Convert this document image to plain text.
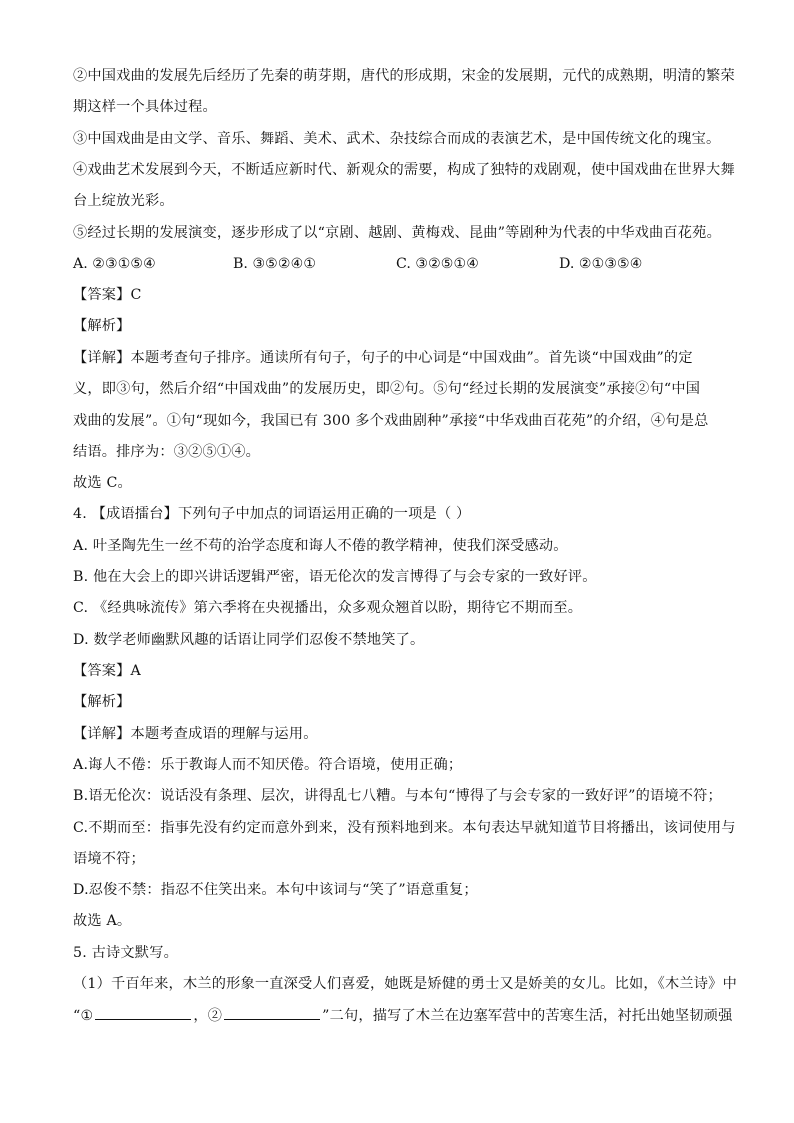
②中国戏曲的发展先后经历了先秦的萌芽期，唐代的形成期，宋金的发展期，元代的成熟期，明清的繁荣
期这样一个具体过程。
③中国戏曲是由文学、音乐、舞蹈、美术、武术、杂技综合而成的表演艺术，是中国传统文化的瑰宝。
④戏曲艺术发展到今天，不断适应新时代、新观众的需要，构成了独特的戏剧观，使中国戏曲在世界大舞
台上绽放光彩。
⑤经过长期的发展演变，逐步形成了以“京剧、越剧、黄梅戏、昆曲”等剧种为代表的中华戏曲百花苑。
A. ②③①⑤④	B. ③⑤②④①	C. ③②⑤①④	D. ②①③⑤④
【答案】C
【解析】
【详解】本题考查句子排序。通读所有句子，句子的中心词是“中国戏曲”。首先谈“中国戏曲”的定
义，即③句，然后介绍“中国戏曲”的发展历史，即②句。⑤句“经过长期的发展演变”承接②句“中国
戏曲的发展”。①句“现如今，我国已有 300 多个戏曲剧种”承接“中华戏曲百花苑”的介绍，④句是总
结语。排序为：③②⑤①④。
故选 C。
4. 【成语擂台】下列句子中加点的词语运用正确的一项是（ ）
A. 叶圣陶先生一丝不苟的治学态度和诲人不倦的教学精神，使我们深受感动。
B. 他在大会上的即兴讲话逻辑严密，语无伦次的发言博得了与会专家的一致好评。
C. 《经典咏流传》第六季将在央视播出，众多观众翘首以盼，期待它不期而至。
D. 数学老师幽默风趣的话语让同学们忍俊不禁地笑了。
【答案】A
【解析】
【详解】本题考查成语的理解与运用。
A.诲人不倦：乐于教诲人而不知厌倦。符合语境，使用正确；
B.语无伦次：说话没有条理、层次，讲得乱七八糟。与本句“博得了与会专家的一致好评”的语境不符；
C.不期而至：指事先没有约定而意外到来，没有预料地到来。本句表达早就知道节目将播出，该词使用与
语境不符；
D.忍俊不禁：指忍不住笑出来。本句中该词与“笑了”语意重复；
故选 A。
5. 古诗文默写。
（1）千百年来，木兰的形象一直深受人们喜爱，她既是矫健的勇士又是娇美的女儿。比如，《木兰诗》中
“①	，②	”二句，描写了木兰在边塞军营中的苦寒生活，衬托出她坚韧顽强
